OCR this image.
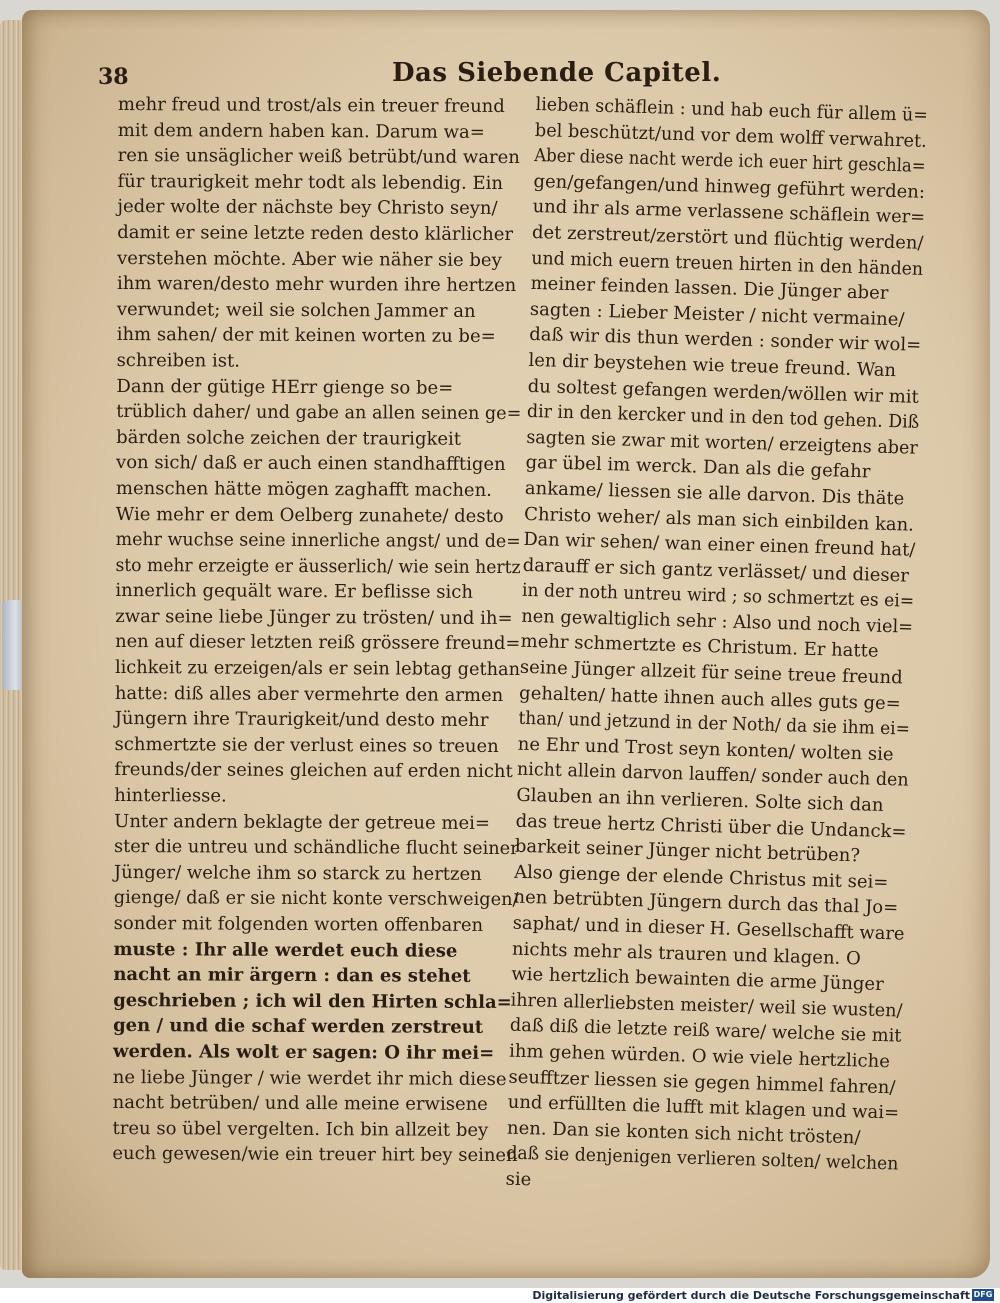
38	Das Siebende Capitel.
mehr freud und trost/als ein treuer freund
mit dem andern haben kan. Darum wa=
ren sie unsäglicher weiß betrübt/und waren
für traurigkeit mehr todt als lebendig. Ein
jeder wolte der nächste bey Christo seyn/
damit er seine letzte reden desto klärlicher
verstehen möchte. Aber wie näher sie bey
ihm waren/desto mehr wurden ihre hertzen
verwundet; weil sie solchen Jammer an
ihm sahen/ der mit keinen worten zu be=
schreiben ist.
Dann der gütige HErr gienge so be=
trüblich daher/ und gabe an allen seinen ge=
bärden solche zeichen der traurigkeit
von sich/ daß er auch einen standhafftigen
menschen hätte mögen zaghafft machen.
Wie mehr er dem Oelberg zunahete/ desto
mehr wuchse seine innerliche angst/ und de=
sto mehr erzeigte er äusserlich/ wie sein hertz
innerlich gequält ware. Er beflisse sich
zwar seine liebe Jünger zu trösten/ und ih=
nen auf dieser letzten reiß grössere freund=
lichkeit zu erzeigen/als er sein lebtag gethan
hatte: diß alles aber vermehrte den armen
Jüngern ihre Traurigkeit/und desto mehr
schmertzte sie der verlust eines so treuen
freunds/der seines gleichen auf erden nicht
hinterliesse.
Unter andern beklagte der getreue mei=
ster die untreu und schändliche flucht seiner
Jünger/ welche ihm so starck zu hertzen
gienge/ daß er sie nicht konte verschweigen/
sonder mit folgenden worten offenbaren
muste : Ihr alle werdet euch diese
nacht an mir ärgern : dan es stehet
geschrieben ; ich wil den Hirten schla=
gen / und die schaf werden zerstreut
werden. Als wolt er sagen: O ihr mei=
ne liebe Jünger / wie werdet ihr mich diese
nacht betrüben/ und alle meine erwisene
treu so übel vergelten. Ich bin allzeit bey
euch gewesen/wie ein treuer hirt bey seinen
lieben schäflein : und hab euch für allem ü=
bel beschützt/und vor dem wolff verwahret.
Aber diese nacht werde ich euer hirt geschla=
gen/gefangen/und hinweg geführt werden:
und ihr als arme verlassene schäflein wer=
det zerstreut/zerstört und flüchtig werden/
und mich euern treuen hirten in den händen
meiner feinden lassen. Die Jünger aber
sagten : Lieber Meister / nicht vermaine/
daß wir dis thun werden : sonder wir wol=
len dir beystehen wie treue freund. Wan
du soltest gefangen werden/wöllen wir mit
dir in den kercker und in den tod gehen. Diß
sagten sie zwar mit worten/ erzeigtens aber
gar übel im werck. Dan als die gefahr
ankame/ liessen sie alle darvon. Dis thäte
Christo weher/ als man sich einbilden kan.
Dan wir sehen/ wan einer einen freund hat/
darauff er sich gantz verlässet/ und dieser
in der noth untreu wird ; so schmertzt es ei=
nen gewaltiglich sehr : Also und noch viel=
mehr schmertzte es Christum. Er hatte
seine Jünger allzeit für seine treue freund
gehalten/ hatte ihnen auch alles guts ge=
than/ und jetzund in der Noth/ da sie ihm ei=
ne Ehr und Trost seyn konten/ wolten sie
nicht allein darvon lauffen/ sonder auch den
Glauben an ihn verlieren. Solte sich dan
das treue hertz Christi über die Undanck=
barkeit seiner Jünger nicht betrüben?
Also gienge der elende Christus mit sei=
nen betrübten Jüngern durch das thal Jo=
saphat/ und in dieser H. Gesellschafft ware
nichts mehr als trauren und klagen. O
wie hertzlich bewainten die arme Jünger
ihren allerliebsten meister/ weil sie wusten/
daß diß die letzte reiß ware/ welche sie mit
ihm gehen würden. O wie viele hertzliche
seufftzer liessen sie gegen himmel fahren/
und erfüllten die lufft mit klagen und wai=
nen. Dan sie konten sich nicht trösten/
daß sie denjenigen verlieren solten/ welchen
sie
Digitalisierung gefördert durch die Deutsche Forschungsgemeinschaft DFG
